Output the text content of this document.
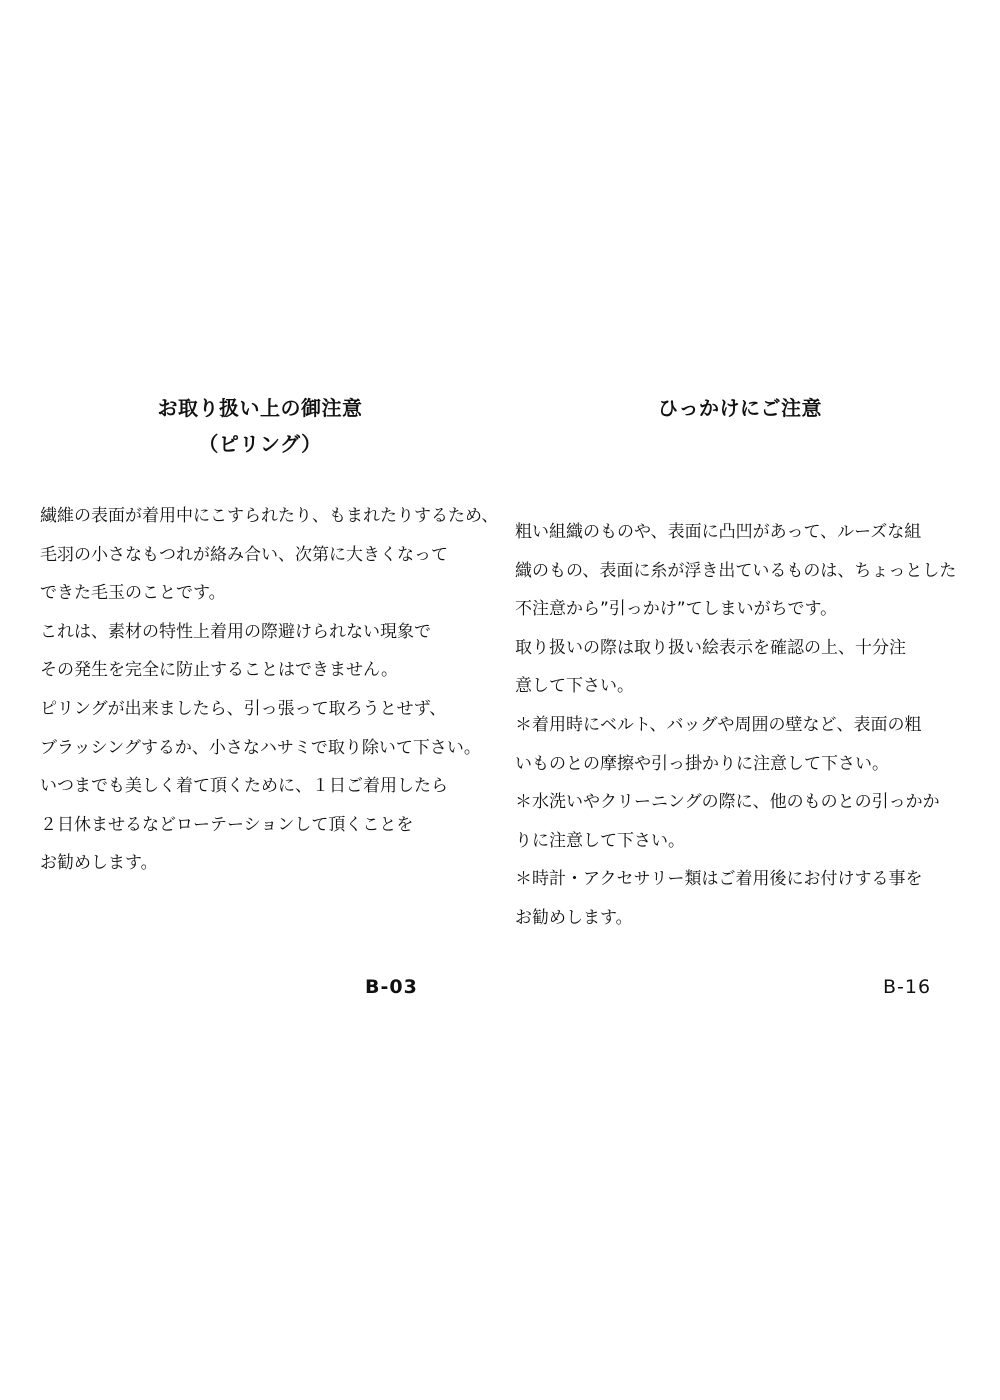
お取り扱い上の御注意
（ピリング）
繊維の表面が着用中にこすられたり、もまれたりするため、
毛羽の小さなもつれが絡み合い、次第に大きくなって
できた毛玉のことです。
これは、素材の特性上着用の際避けられない現象で
その発生を完全に防止することはできません。
ピリングが出来ましたら、引っ張って取ろうとせず、
ブラッシングするか、小さなハサミで取り除いて下さい。
いつまでも美しく着て頂くために、１日ご着用したら
２日休ませるなどローテーションして頂くことを
お勧めします。
ひっかけにご注意
粗い組織のものや、表面に凸凹があって、ルーズな組
織のもの、表面に糸が浮き出ているものは、ちょっとした
不注意から”引っかけ”てしまいがちです。
取り扱いの際は取り扱い絵表示を確認の上、十分注
意して下さい。
＊着用時にベルト、バッグや周囲の壁など、表面の粗
いものとの摩擦や引っ掛かりに注意して下さい。
＊水洗いやクリーニングの際に、他のものとの引っかか
りに注意して下さい。
＊時計・アクセサリー類はご着用後にお付けする事を
お勧めします。
B-03	B-16
